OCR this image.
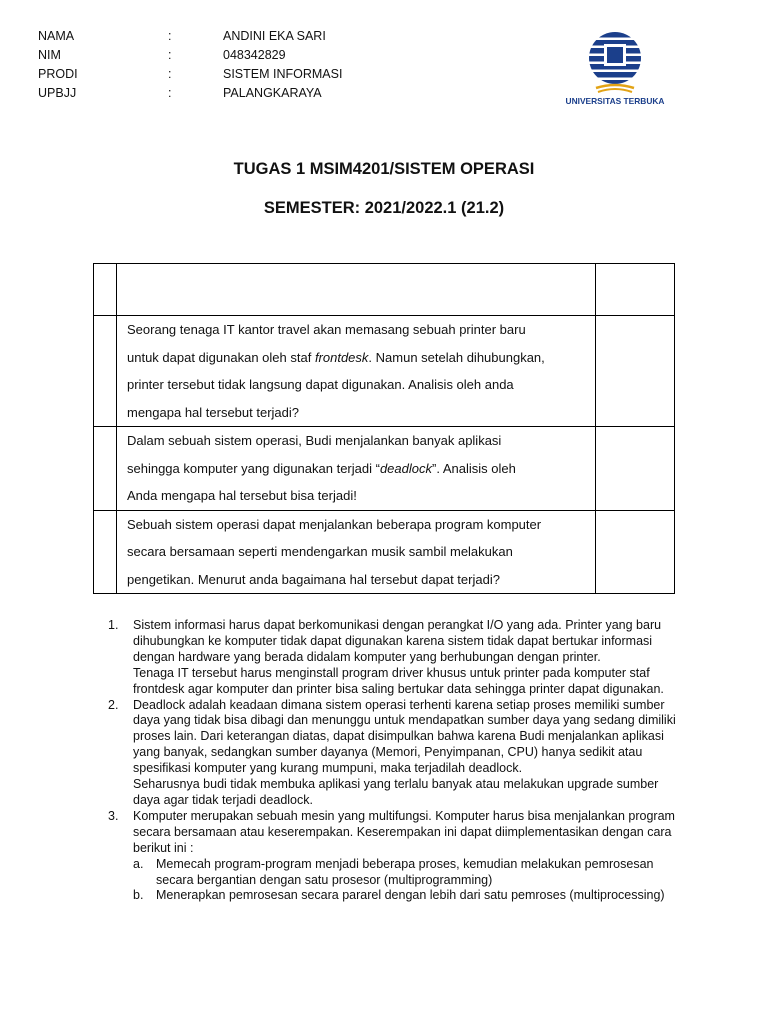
NAMA	:	ANDINI EKA SARI
NIM	:	048342829
PRODI	:	SISTEM INFORMASI
UPBJJ	:	PALANGKARAYA
UNIVERSITAS TERBUKA
TUGAS 1 MSIM4201/SISTEM OPERASI
SEMESTER: 2021/2022.1 (21.2)

	Seorang tenaga IT kantor travel akan memasang sebuah printer baru
untuk dapat digunakan oleh staf frontdesk. Namun setelah dihubungkan,
printer tersebut tidak langsung dapat digunakan. Analisis oleh anda
mengapa hal tersebut terjadi?	

	Dalam sebuah sistem operasi, Budi menjalankan banyak aplikasi
sehingga komputer yang digunakan terjadi “deadlock”. Analisis oleh
Anda mengapa hal tersebut bisa terjadi!	

	Sebuah sistem operasi dapat menjalankan beberapa program komputer
secara bersamaan seperti mendengarkan musik sambil melakukan
pengetikan. Menurut anda bagaimana hal tersebut dapat terjadi?	

1. Sistem informasi harus dapat berkomunikasi dengan perangkat I/O yang ada. Printer yang baru dihubungkan ke komputer tidak dapat digunakan karena sistem tidak dapat bertukar informasi dengan hardware yang berada didalam komputer yang berhubungan dengan printer.
Tenaga IT tersebut harus menginstall program driver khusus untuk printer pada komputer staf frontdesk agar komputer dan printer bisa saling bertukar data sehingga printer dapat digunakan.
2. Deadlock adalah keadaan dimana sistem operasi terhenti karena setiap proses memiliki sumber daya yang tidak bisa dibagi dan menunggu untuk mendapatkan sumber daya yang sedang dimiliki proses lain. Dari keterangan diatas, dapat disimpulkan bahwa karena Budi menjalankan aplikasi yang banyak, sedangkan sumber dayanya (Memori, Penyimpanan, CPU) hanya sedikit atau spesifikasi komputer yang kurang mumpuni, maka terjadilah deadlock.
Seharusnya budi tidak membuka aplikasi yang terlalu banyak atau melakukan upgrade sumber daya agar tidak terjadi deadlock.
3. Komputer merupakan sebuah mesin yang multifungsi. Komputer harus bisa menjalankan program secara bersamaan atau keserempakan. Keserempakan ini dapat diimplementasikan dengan cara berikut ini :
a. Memecah program-program menjadi beberapa proses, kemudian melakukan pemrosesan secara bergantian dengan satu prosesor (multiprogramming)
b. Menerapkan pemrosesan secara pararel dengan lebih dari satu pemroses (multiprocessing)
